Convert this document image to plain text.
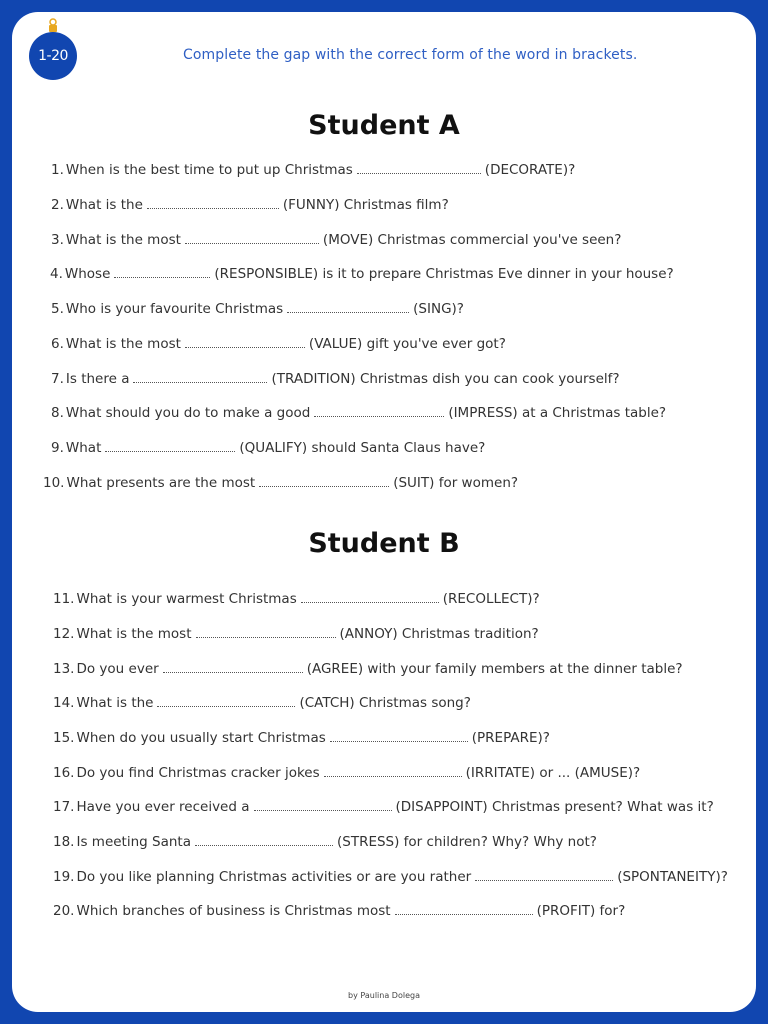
1-20	Complete the gap with the correct form of the word in brackets.
Student A
Student B
1. When is the best time to put up Christmas	(DECORATE)?
2. What is the	(FUNNY) Christmas film?
3. What is the most	(MOVE) Christmas commercial you've seen?
4. Whose	(RESPONSIBLE) is it to prepare Christmas Eve dinner in your house?
5. Who is your favourite Christmas	(SING)?
6. What is the most	(VALUE) gift you've ever got?
7. Is there a	(TRADITION) Christmas dish you can cook yourself?
8. What should you do to make a good	(IMPRESS) at a Christmas table?
9. What	(QUALIFY) should Santa Claus have?
10. What presents are the most	(SUIT) for women?
11. What is your warmest Christmas	(RECOLLECT)?
12. What is the most	(ANNOY) Christmas tradition?
13. Do you ever	(AGREE) with your family members at the dinner table?
14. What is the	(CATCH) Christmas song?
15. When do you usually start Christmas	(PREPARE)?
16. Do you find Christmas cracker jokes	(IRRITATE) or ... (AMUSE)?
17. Have you ever received a	(DISAPPOINT) Christmas present? What was it?
18. Is meeting Santa	(STRESS) for children? Why? Why not?
19. Do you like planning Christmas activities or are you rather	(SPONTANEITY)?
20. Which branches of business is Christmas most	(PROFIT) for?
by Paulina Dolega
